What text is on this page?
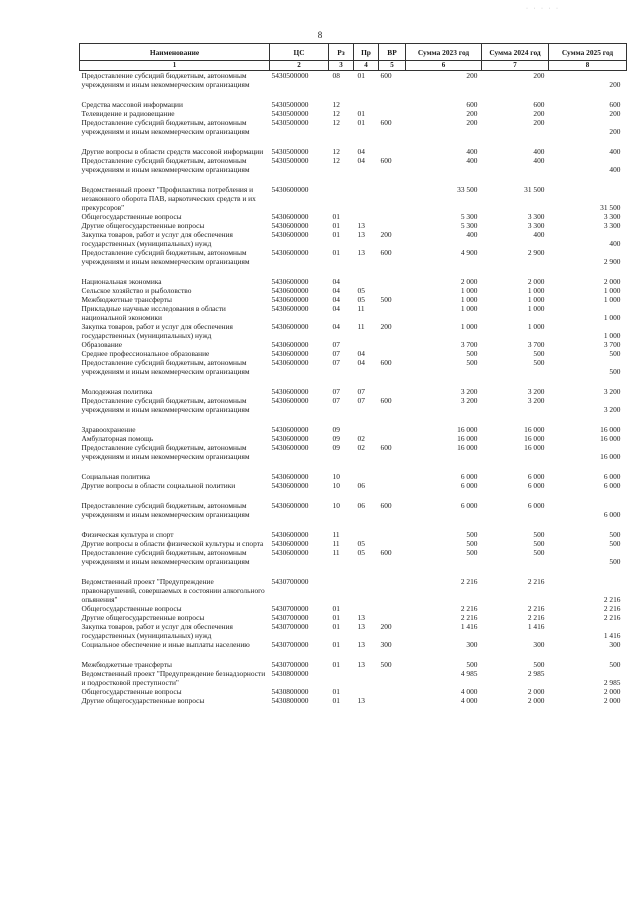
· · · · ·
8
Наименование	ЦС	Рз	Пр	ВР	Сумма 2023 год	Сумма 2024 год	Сумма 2025 год
1	2	3	4	5	6	7	8
Предоставление субсидий бюджетным, автономным учреждениям и иным некоммерческим организациям	5430500000	08	01	600	200	200	200

Средства массовой информации	5430500000	12			600	600	600
Телевидение и радиовещание	5430500000	12	01		200	200	200
Предоставление субсидий бюджетным, автономным учреждениям и иным некоммерческим организациям	5430500000	12	01	600	200	200	200

Другие вопросы в области средств массовой информации	5430500000	12	04		400	400	400
Предоставление субсидий бюджетным, автономным учреждениям и иным некоммерческим организациям	5430500000	12	04	600	400	400	400

Ведомственный проект "Профилактика потребления и незаконного оборота ПАВ, наркотических средств и их прекурсоров"	5430600000				33 500	31 500	31 500
Общегосударственные вопросы	5430600000	01			5 300	3 300	3 300
Другие общегосударственные вопросы	5430600000	01	13		5 300	3 300	3 300
Закупка товаров, работ и услуг для обеспечения государственных (муниципальных) нужд	5430600000	01	13	200	400	400	400
Предоставление субсидий бюджетным, автономным учреждениям и иным некоммерческим организациям	5430600000	01	13	600	4 900	2 900	2 900

Национальная экономика	5430600000	04			2 000	2 000	2 000
Сельское хозяйство и рыболовство	5430600000	04	05		1 000	1 000	1 000
Межбюджетные трансферты	5430600000	04	05	500	1 000	1 000	1 000
Прикладные научные исследования в области национальной экономики	5430600000	04	11		1 000	1 000	1 000
Закупка товаров, работ и услуг для обеспечения государственных (муниципальных) нужд	5430600000	04	11	200	1 000	1 000	1 000
Образование	5430600000	07			3 700	3 700	3 700
Среднее профессиональное образование	5430600000	07	04		500	500	500
Предоставление субсидий бюджетным, автономным учреждениям и иным некоммерческим организациям	5430600000	07	04	600	500	500	500

Молодежная политика	5430600000	07	07		3 200	3 200	3 200
Предоставление субсидий бюджетным, автономным учреждениям и иным некоммерческим организациям	5430600000	07	07	600	3 200	3 200	3 200

Здравоохранение	5430600000	09			16 000	16 000	16 000
Амбулаторная помощь	5430600000	09	02		16 000	16 000	16 000
Предоставление субсидий бюджетным, автономным учреждениям и иным некоммерческим организациям	5430600000	09	02	600	16 000	16 000	16 000

Социальная политика	5430600000	10			6 000	6 000	6 000
Другие вопросы в области социальной политики	5430600000	10	06		6 000	6 000	6 000

Предоставление субсидий бюджетным, автономным учреждениям и иным некоммерческим организациям	5430600000	10	06	600	6 000	6 000	6 000

Физическая культура и спорт	5430600000	11			500	500	500
Другие вопросы в области физической культуры и спорта	5430600000	11	05		500	500	500
Предоставление субсидий бюджетным, автономным учреждениям и иным некоммерческим организациям	5430600000	11	05	600	500	500	500

Ведомственный проект "Предупреждение правонарушений, совершаемых в состоянии алкогольного опьянения"	5430700000				2 216	2 216	2 216
Общегосударственные вопросы	5430700000	01			2 216	2 216	2 216
Другие общегосударственные вопросы	5430700000	01	13		2 216	2 216	2 216
Закупка товаров, работ и услуг для обеспечения государственных (муниципальных) нужд	5430700000	01	13	200	1 416	1 416	1 416
Социальное обеспечение и иные выплаты населению	5430700000	01	13	300	300	300	300

Межбюджетные трансферты	5430700000	01	13	500	500	500	500
Ведомственный проект "Предупреждение безнадзорности и подростковой преступности"	5430800000				4 985	2 985	2 985
Общегосударственные вопросы	5430800000	01			4 000	2 000	2 000
Другие общегосударственные вопросы	5430800000	01	13		4 000	2 000	2 000
